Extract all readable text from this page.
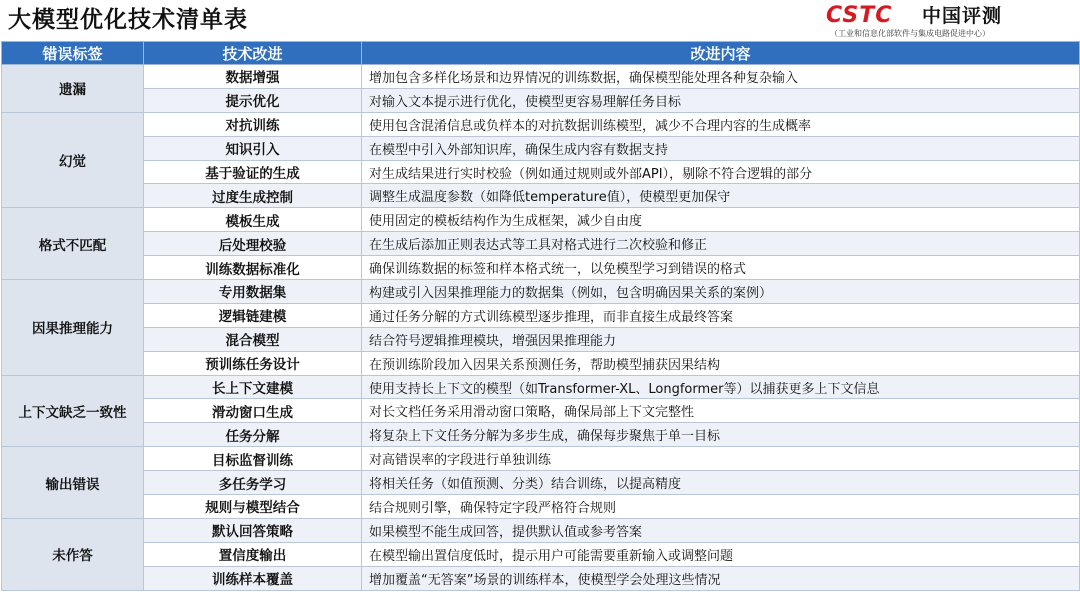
大模型优化技术清单表	CSTC 中国评测
（工业和信息化部软件与集成电路促进中心）
错误标签	技术改进	改进内容
遗漏	数据增强	增加包含多样化场景和边界情况的训练数据，确保模型能处理各种复杂输入
	提示优化	对输入文本提示进行优化，使模型更容易理解任务目标
幻觉	对抗训练	使用包含混淆信息或负样本的对抗数据训练模型，减少不合理内容的生成概率
	知识引入	在模型中引入外部知识库，确保生成内容有数据支持
	基于验证的生成	对生成结果进行实时校验（例如通过规则或外部API），剔除不符合逻辑的部分
	过度生成控制	调整生成温度参数（如降低temperature值），使模型更加保守
格式不匹配	模板生成	使用固定的模板结构作为生成框架，减少自由度
	后处理校验	在生成后添加正则表达式等工具对格式进行二次校验和修正
	训练数据标准化	确保训练数据的标签和样本格式统一，以免模型学习到错误的格式
因果推理能力	专用数据集	构建或引入因果推理能力的数据集（例如，包含明确因果关系的案例）
	逻辑链建模	通过任务分解的方式训练模型逐步推理，而非直接生成最终答案
	混合模型	结合符号逻辑推理模块，增强因果推理能力
	预训练任务设计	在预训练阶段加入因果关系预测任务，帮助模型捕获因果结构
上下文缺乏一致性	长上下文建模	使用支持长上下文的模型（如Transformer-XL、Longformer等）以捕获更多上下文信息
	滑动窗口生成	对长文档任务采用滑动窗口策略，确保局部上下文完整性
	任务分解	将复杂上下文任务分解为多步生成，确保每步聚焦于单一目标
输出错误	目标监督训练	对高错误率的字段进行单独训练
	多任务学习	将相关任务（如值预测、分类）结合训练，以提高精度
	规则与模型结合	结合规则引擎，确保特定字段严格符合规则
未作答	默认回答策略	如果模型不能生成回答，提供默认值或参考答案
	置信度输出	在模型输出置信度低时，提示用户可能需要重新输入或调整问题
	训练样本覆盖	增加覆盖“无答案”场景的训练样本，使模型学会处理这些情况
